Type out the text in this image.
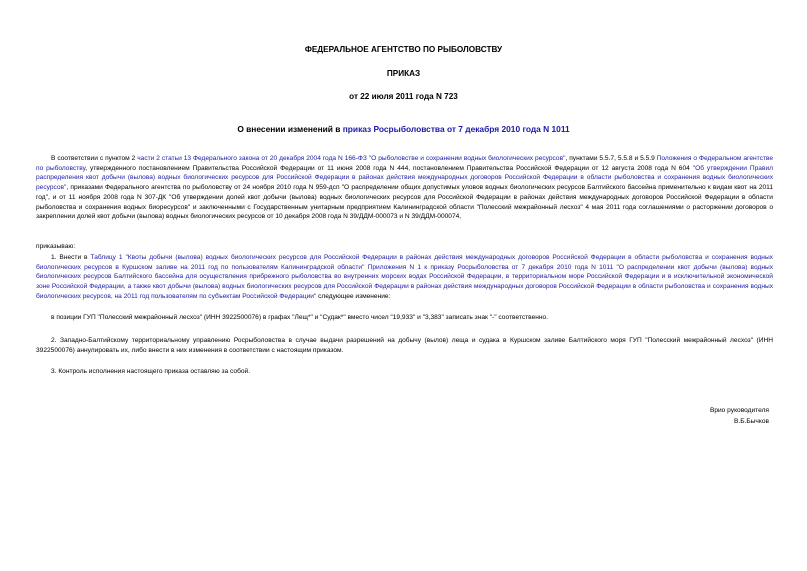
ФЕДЕРАЛЬНОЕ АГЕНТСТВО ПО РЫБОЛОВСТВУ
ПРИКАЗ
от 22 июля 2011 года N 723
О внесении изменений в приказ Росрыболовства от 7 декабря 2010 года N 1011
В соответствии с пунктом 2 части 2 статьи 13 Федерального закона от 20 декабря 2004 года N 166-ФЗ "О рыболовстве и сохранении водных биологических ресурсов", пунктами 5.5.7, 5.5.8 и 5.5.9 Положения о Федеральном агентстве по рыболовству, утвержденного постановлением Правительства Российской Федерации от 11 июня 2008 года N 444, постановлением Правительства Российской Федерации от 12 августа 2008 года N 604 "Об утверждении Правил распределения квот добычи (вылова) водных биологических ресурсов для Российской Федерации в районах действия международных договоров Российской Федерации в области рыболовства и сохранения водных биологических ресурсов", приказами Федерального агентства по рыболовству от 24 ноября 2010 года N 959-дсп "О распределении общих допустимых уловов водных биологических ресурсов Балтийского бассейна применительно к видам квот на 2011 год", и от 11 ноября 2008 года N 307-ДК "Об утверждении долей квот добычи (вылова) водных биологических ресурсов для Российской Федерации в районах действия международных договоров Российской Федерации в области рыболовства и сохранения водных биоресурсов" и заключенными с Государственным унитарным предприятием Калининградской области "Полесский межрайонный лесхоз" 4 мая 2011 года соглашениями о расторжении договоров о закреплении долей квот добычи (вылова) водных биологических ресурсов от 10 декабря 2008 года N 39/ДДМ-000073 и N 39/ДДМ-000074,
приказываю:
1. Внести в Таблицу 1 "Квоты добычи (вылова) водных биологических ресурсов для Российской Федерации в районах действия международных договоров Российской Федерации в области рыболовства и сохранения водных биологических ресурсов в Куршском заливе на 2011 год по пользователям Калининградской области" Приложения N 1 к приказу Росрыболовства от 7 декабря 2010 года N 1011 "О распределении квот добычи (вылова) водных биологических ресурсов Балтийского бассейна для осуществления прибрежного рыболовства во внутренних морских водах Российской Федерации, в территориальном море Российской Федерации и в исключительной экономической зоне Российской Федерации, а также квот добычи (вылова) водных биологических ресурсов для Российской Федерации в районах действия международных договоров Российской Федерации в области рыболовства и сохранения водных биологических ресурсов, на 2011 год пользователям по субъектам Российской Федерации" следующее изменение:
в позиции ГУП "Полесский межрайонный лесхоз" (ИНН 3922500076) в графах "Лещ*" и "Судак*" вместо чисел "19,933" и "3,383" записать знак "-" соответственно.
2. Западно-Балтийскому территориальному управлению Росрыболовства в случае выдачи разрешений на добычу (вылов) леща и судака в Куршском заливе Балтийского моря ГУП "Полесский межрайонный лесхоз" (ИНН 3922500076) аннулировать их, либо внести в них изменения в соответствии с настоящим приказом.
3. Контроль исполнения настоящего приказа оставляю за собой.
Врио руководителя
В.Б.Бычков
